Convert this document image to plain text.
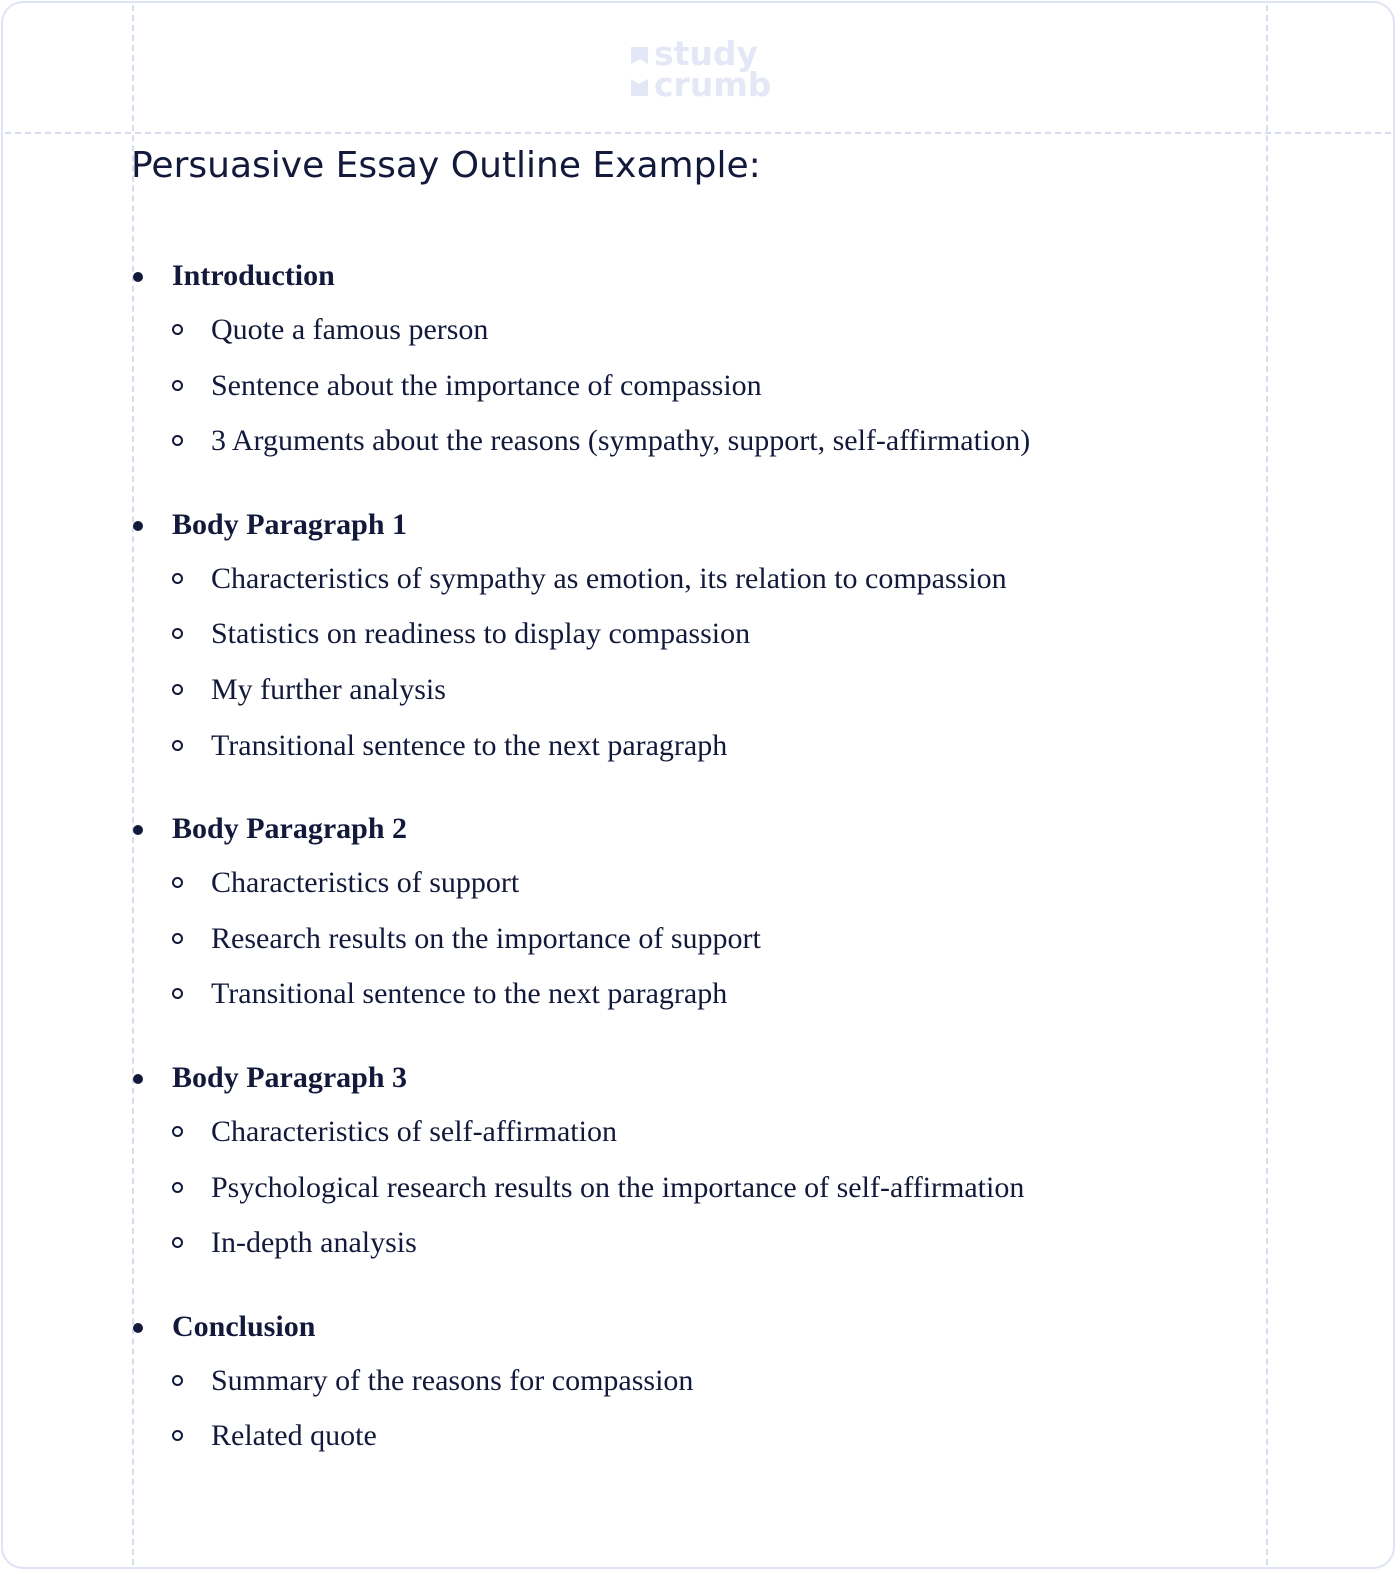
study
crumb
Persuasive Essay Outline Example:
Introduction
Quote a famous person
Sentence about the importance of compassion
3 Arguments about the reasons (sympathy, support, self-affirmation)
Body Paragraph 1
Characteristics of sympathy as emotion, its relation to compassion
Statistics on readiness to display compassion
My further analysis
Transitional sentence to the next paragraph
Body Paragraph 2
Characteristics of support
Research results on the importance of support
Transitional sentence to the next paragraph
Body Paragraph 3
Characteristics of self-affirmation
Psychological research results on the importance of self-affirmation
In-depth analysis
Conclusion
Summary of the reasons for compassion
Related quote
